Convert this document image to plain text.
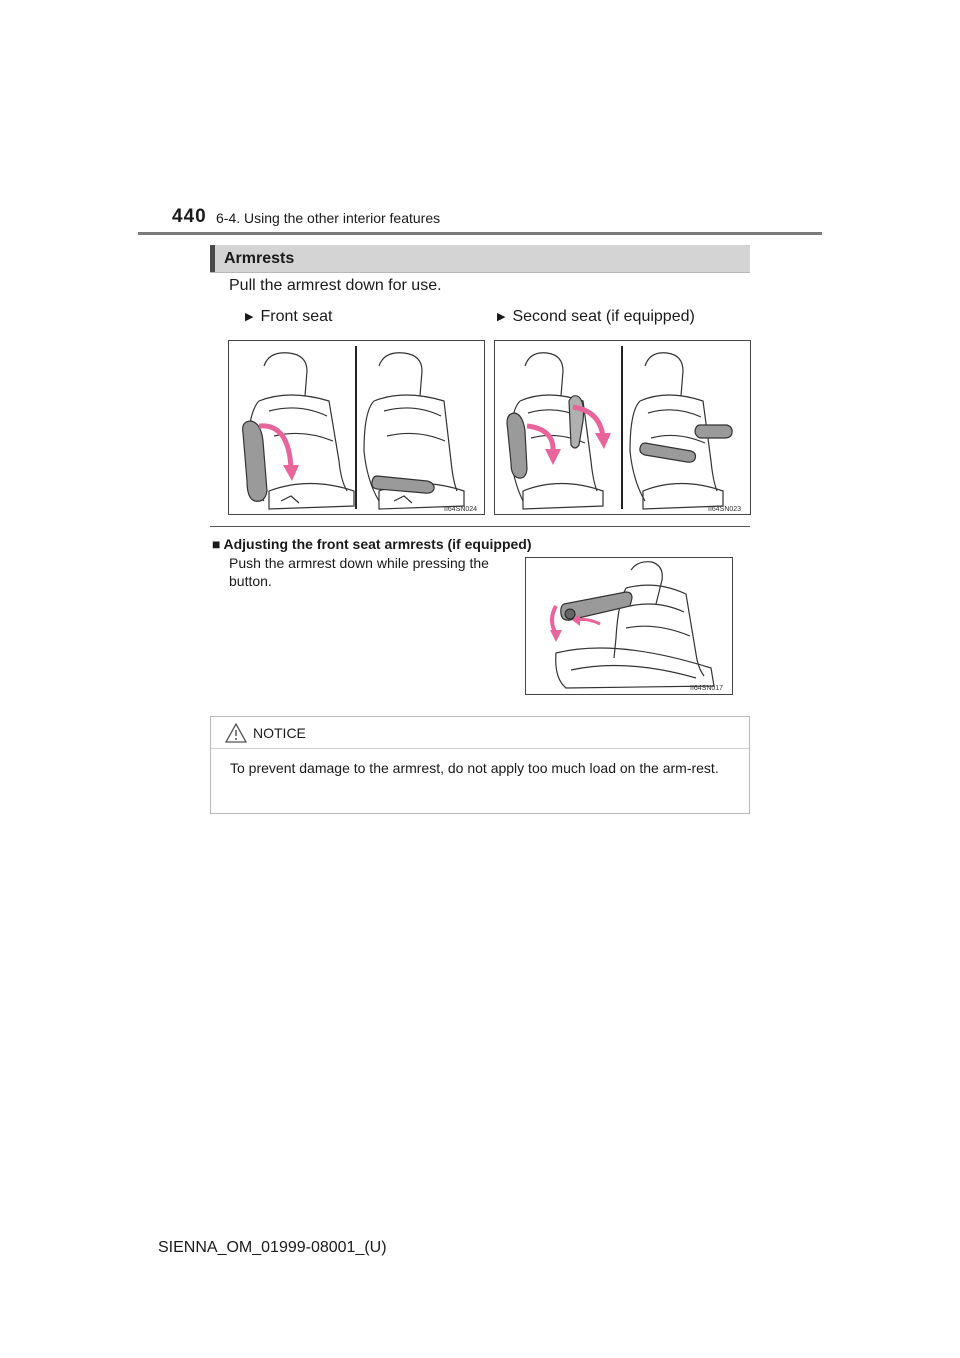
440 6-4. Using the other interior features
Armrests
Pull the armrest down for use.
▶ Front seat	▶ Second seat (if equipped)
II64SN024	II64SN023
■ Adjusting the front seat armrests (if equipped)
Push the armrest down while pressing the button.
II64SN017
NOTICE
To prevent damage to the armrest, do not apply too much load on the arm-rest.
SIENNA_OM_01999-08001_(U)
